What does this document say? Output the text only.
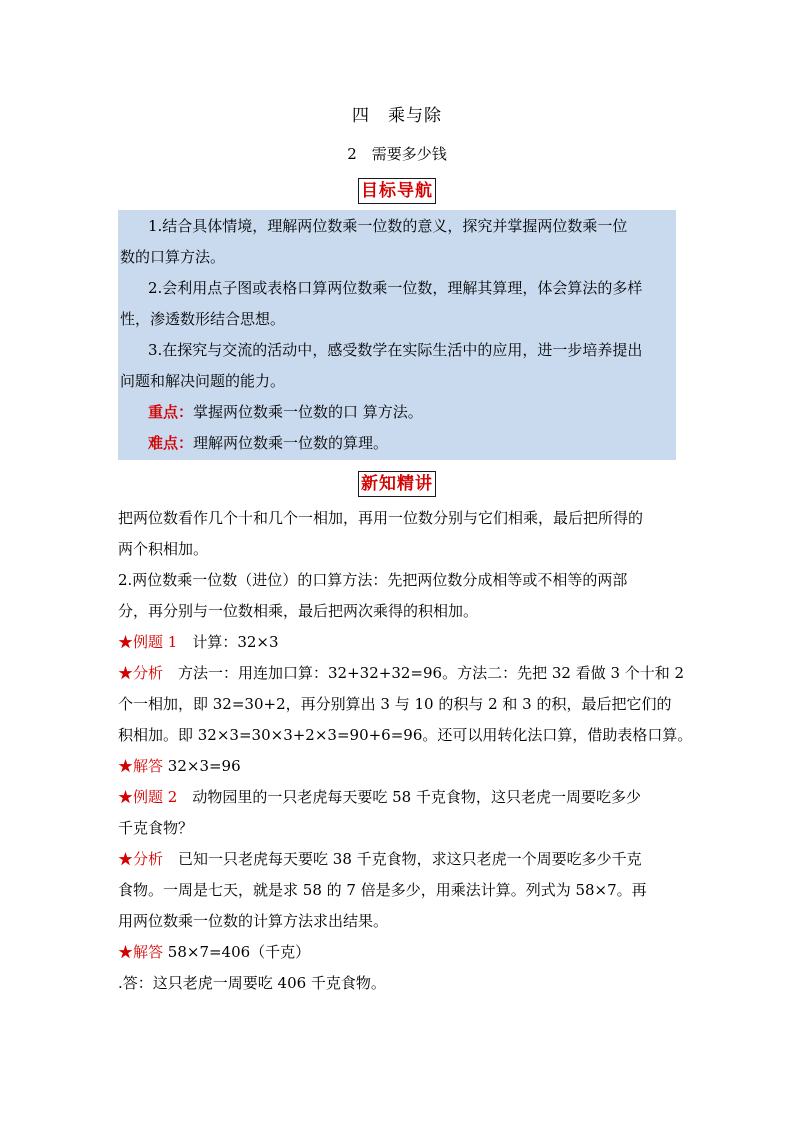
四　乘与除
2　需要多少钱
目标导航
1.结合具体情境，理解两位数乘一位数的意义，探究并掌握两位数乘一位
数的口算方法。
2.会利用点子图或表格口算两位数乘一位数，理解其算理，体会算法的多样
性，渗透数形结合思想。
3.在探究与交流的活动中，感受数学在实际生活中的应用，进一步培养提出
问题和解决问题的能力。
重点：掌握两位数乘一位数的口 算方法。
难点：理解两位数乘一位数的算理。
新知精讲
把两位数看作几个十和几个一相加，再用一位数分别与它们相乘，最后把所得的
两个积相加。
2.两位数乘一位数（进位）的口算方法：先把两位数分成相等或不相等的两部
分，再分别与一位数相乘，最后把两次乘得的积相加。
★例题 1　计算：32×3
★分析　方法一：用连加口算：32+32+32=96。方法二：先把 32 看做 3 个十和 2
个一相加，即 32=30+2，再分别算出 3 与 10 的积与 2 和 3 的积，最后把它们的
积相加。即 32×3=30×3+2×3=90+6=96。还可以用转化法口算，借助表格口算。
★解答 32×3=96
★例题 2　动物园里的一只老虎每天要吃 58 千克食物，这只老虎一周要吃多少
千克食物？
★分析　已知一只老虎每天要吃 38 千克食物，求这只老虎一个周要吃多少千克
食物。一周是七天，就是求 58 的 7 倍是多少，用乘法计算。列式为 58×7。再
用两位数乘一位数的计算方法求出结果。
★解答 58×7=406（千克）
.答：这只老虎一周要吃 406 千克食物。
